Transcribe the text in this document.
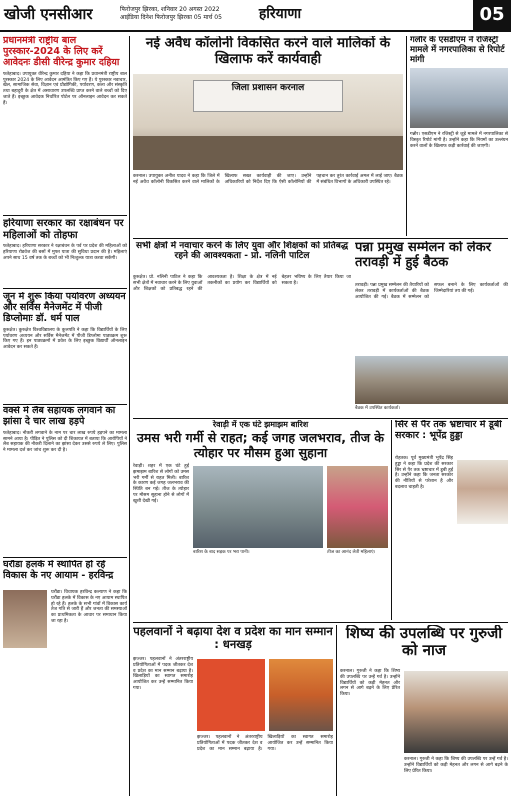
खोजी एनसीआर	फिरोजपुर झिरका, शनिवार 20 अगस्त 2022
आईडिया दिनेश फिरोजपुर झिरका 05 मार्च 05	हरियाणा	05
प्रधानमंत्री राष्ट्रीय बाल पुरस्कार-2024 के लिए करें आवेदनः डीसी वीरेन्द्र कुमार दहिया
फतेहाबाद। उपायुक्त वीरेन्द्र कुमार दहिया ने कहा कि प्रधानमंत्री राष्ट्रीय बाल पुरस्कार 2024 के लिए आवेदन आमंत्रित किए गए हैं। ये पुरस्कार नवाचार, खेल, सामाजिक सेवा, विज्ञान एवं प्रौद्योगिकी, पर्यावरण, कला और संस्कृति तथा बहादुरी के क्षेत्र में असाधारण उपलब्धि प्राप्त करने वाले बच्चों को दिए जाते हैं। इच्छुक आवेदक निर्धारित पोर्टल पर ऑनलाइन आवेदन कर सकते हैं।
हरियाणा सरकार का रक्षाबंधन पर महिलाओं को तोहफा
फतेहाबाद। हरियाणा सरकार ने रक्षाबंधन के पर्व पर प्रदेश की महिलाओं को हरियाणा रोडवेज की बसों में मुफ्त यात्रा की सुविधा प्रदान की है। महिलाएं अपने साथ 15 वर्ष तक के बच्चों को भी निःशुल्क यात्रा करवा सकेंगी।
जून में शुरू किया पर्यावरण अध्ययन और सर्विस मैनेजमेंट में पीजी डिप्लोमाः डॉ. धर्म पाल
कुरुक्षेत्र। कुरुक्षेत्र विश्वविद्यालय के कुलपति ने कहा कि विद्यार्थियों के लिए पर्यावरण अध्ययन और सर्विस मैनेजमेंट में पीजी डिप्लोमा पाठ्यक्रम शुरू किए गए हैं। इन पाठ्यक्रमों में प्रवेश के लिए इच्छुक विद्यार्थी ऑनलाइन आवेदन कर सकते हैं।
वर्क्स में लैब सहायक लगवाने का झांसा दे चार लाख हड़पे
फतेहाबाद। नौकरी लगवाने के नाम पर चार लाख रुपये हड़पने का मामला सामने आया है। पीड़ित ने पुलिस को दी शिकायत में बताया कि आरोपियों ने लैब सहायक की नौकरी दिलाने का झांसा देकर उससे रुपये ले लिए। पुलिस ने मामला दर्ज कर जांच शुरू कर दी है।
घरौंडा हलके में स्थापित हो रहे विकास के नए आयाम - हरविन्द्र
घरौंडा। विधायक हरविन्द्र कल्याण ने कहा कि घरौंडा हलके में विकास के नए आयाम स्थापित हो रहे हैं। हलके के सभी गांवों में विकास कार्य तेज गति से जारी हैं और जनता की समस्याओं का प्राथमिकता के आधार पर समाधान किया जा रहा है।
नई अवैध कॉलोनी विकसित करने वाले मालिकों के खिलाफ करें कार्यवाही
जिला प्रशासन करनाल
करनाल। उपायुक्त अनीश यादव ने कहा कि जिले में नई अवैध कॉलोनी विकसित करने वाले मालिकों के खिलाफ सख्त कार्यवाही की जाए। उन्होंने अधिकारियों को निर्देश दिए कि ऐसी कॉलोनियों की पहचान कर तुरंत कार्रवाई अमल में लाई जाए। बैठक में संबंधित विभागों के अधिकारी उपस्थित रहे।
गलौर के एसडीएम ने रजिस्ट्री मामले में नगरपालिका से रिपोर्ट मांगी
गन्नौर। एसडीएम ने रजिस्ट्री से जुड़े मामले में नगरपालिका से विस्तृत रिपोर्ट मांगी है। उन्होंने कहा कि नियमों का उल्लंघन करने वालों के खिलाफ कड़ी कार्रवाई की जाएगी।
सभी क्षेत्रों में नवाचार करने के लिए युवा और शिक्षकों को प्रतिबद्ध रहने की आवश्यकता - प्रो. नलिनी पाटिल
कुरुक्षेत्र। प्रो. नलिनी पाटिल ने कहा कि सभी क्षेत्रों में नवाचार करने के लिए युवाओं और शिक्षकों को प्रतिबद्ध रहने की आवश्यकता है। शिक्षा के क्षेत्र में नई तकनीकों का प्रयोग कर विद्यार्थियों को बेहतर भविष्य के लिए तैयार किया जा सकता है।
पन्ना प्रमुख सम्मेलन को लेकर तरावड़ी में हुई बैठक
तरावड़ी। पन्ना प्रमुख सम्मेलन की तैयारियों को लेकर तरावड़ी में कार्यकर्ताओं की बैठक आयोजित की गई। बैठक में सम्मेलन को सफल बनाने के लिए कार्यकर्ताओं की जिम्मेदारियां तय की गईं।
बैठक में उपस्थित कार्यकर्ता।
रेवाड़ी में एक घंटे झमाझम बारिश
उमस भरी गर्मी से राहत; कई जगह जलभराव, तीज के त्योहार पर मौसम हुआ सुहाना
रेवाड़ी। शहर में एक घंटे हुई झमाझम बारिश से लोगों को उमस भरी गर्मी से राहत मिली। बारिश के कारण कई जगह जलभराव की स्थिति बन गई। तीज के त्योहार पर मौसम सुहाना होने से लोगों में खुशी देखी गई।
बारिश के बाद सड़क पर भरा पानी।	तीज का आनंद लेती महिलाएं।
सिर से पैर तक भ्रष्टाचार में डूबी सरकार : भूपेंद्र हुड्डा
रोहतक। पूर्व मुख्यमंत्री भूपेंद्र सिंह हुड्डा ने कहा कि प्रदेश की सरकार सिर से पैर तक भ्रष्टाचार में डूबी हुई है। उन्होंने कहा कि जनता सरकार की नीतियों से परेशान है और बदलाव चाहती है।
पहलवानों ने बढ़ाया देश व प्रदेश का मान सम्मान : धनखड़
झज्जर। पहलवानों ने अंतरराष्ट्रीय प्रतियोगिताओं में पदक जीतकर देश व प्रदेश का मान सम्मान बढ़ाया है। खिलाड़ियों का स्वागत समारोह आयोजित कर उन्हें सम्मानित किया गया।
झज्जर। पहलवानों ने अंतरराष्ट्रीय प्रतियोगिताओं में पदक जीतकर देश व प्रदेश का मान सम्मान बढ़ाया है। खिलाड़ियों का स्वागत समारोह आयोजित कर उन्हें सम्मानित किया गया।
शिष्य की उपलब्धि पर गुरुजी को नाज
करनाल। गुरुजी ने कहा कि शिष्य की उपलब्धि पर उन्हें गर्व है। उन्होंने विद्यार्थियों को कड़ी मेहनत और लगन से आगे बढ़ने के लिए प्रेरित किया।
करनाल। गुरुजी ने कहा कि शिष्य की उपलब्धि पर उन्हें गर्व है। उन्होंने विद्यार्थियों को कड़ी मेहनत और लगन से आगे बढ़ने के लिए प्रेरित किया।
